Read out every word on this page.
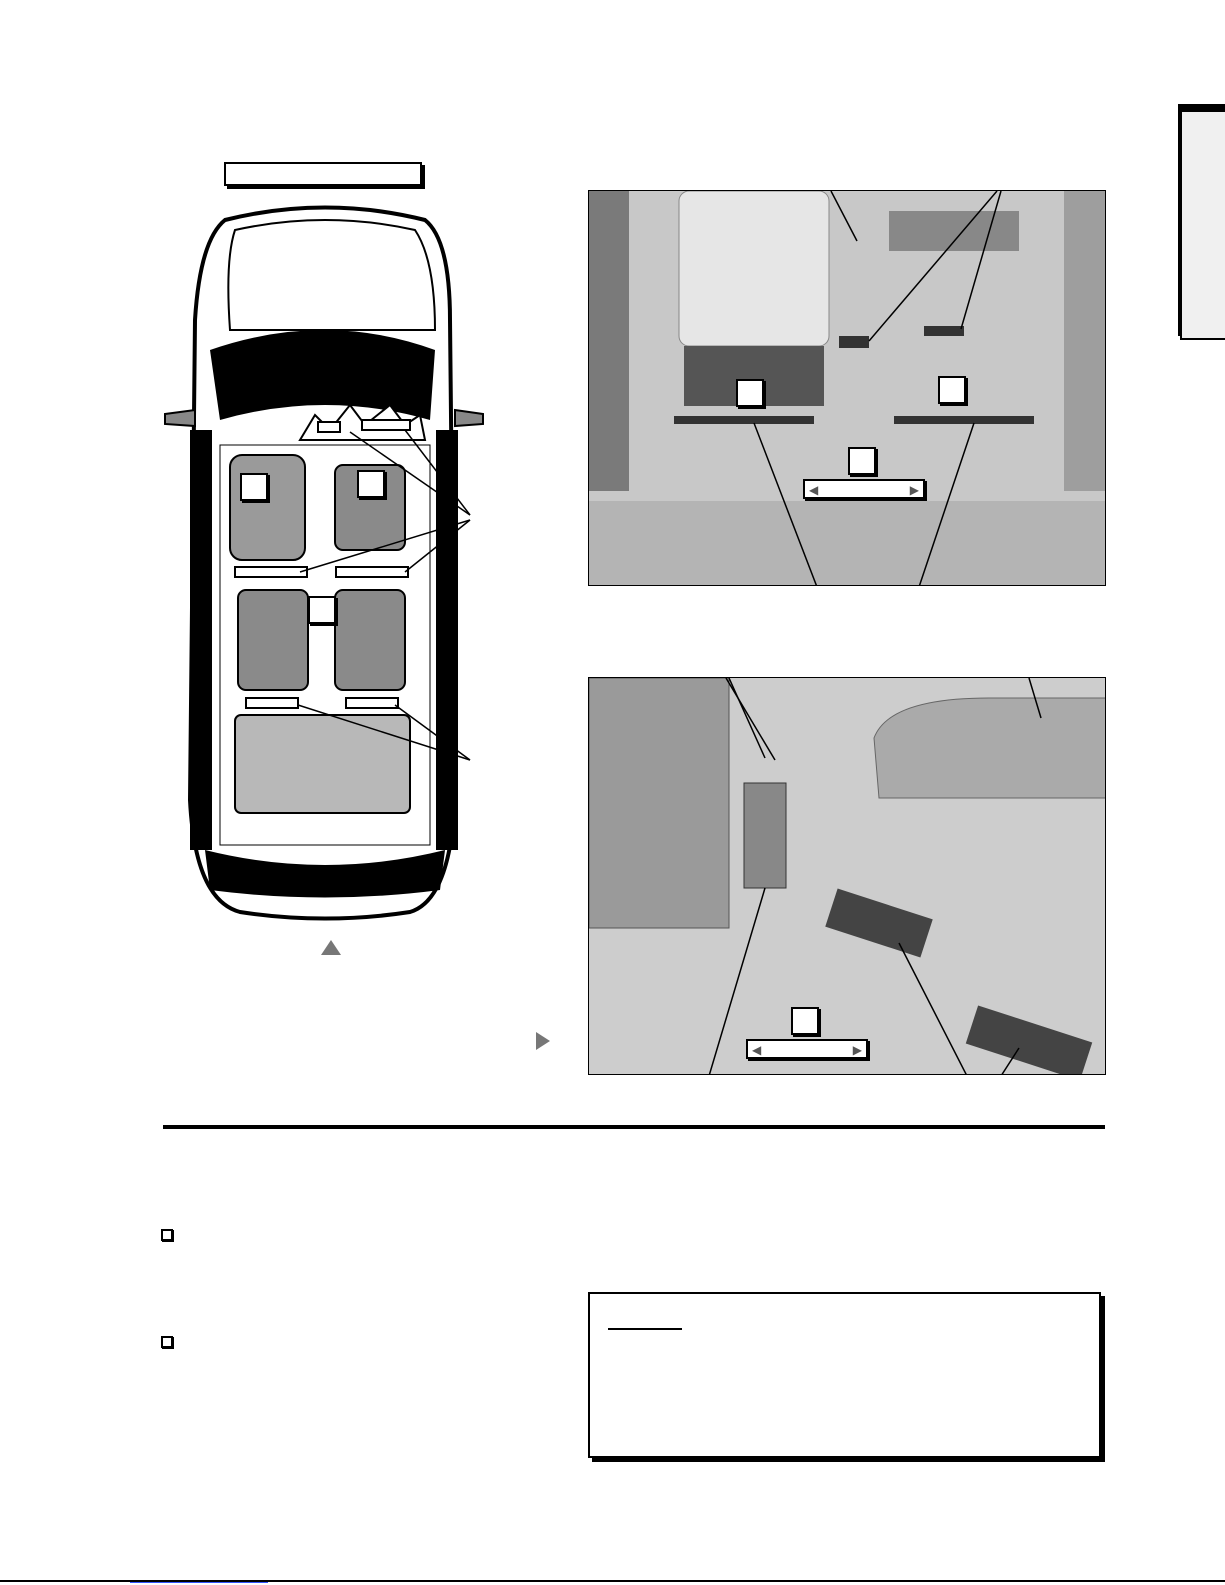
◀	▶
◀	▶
